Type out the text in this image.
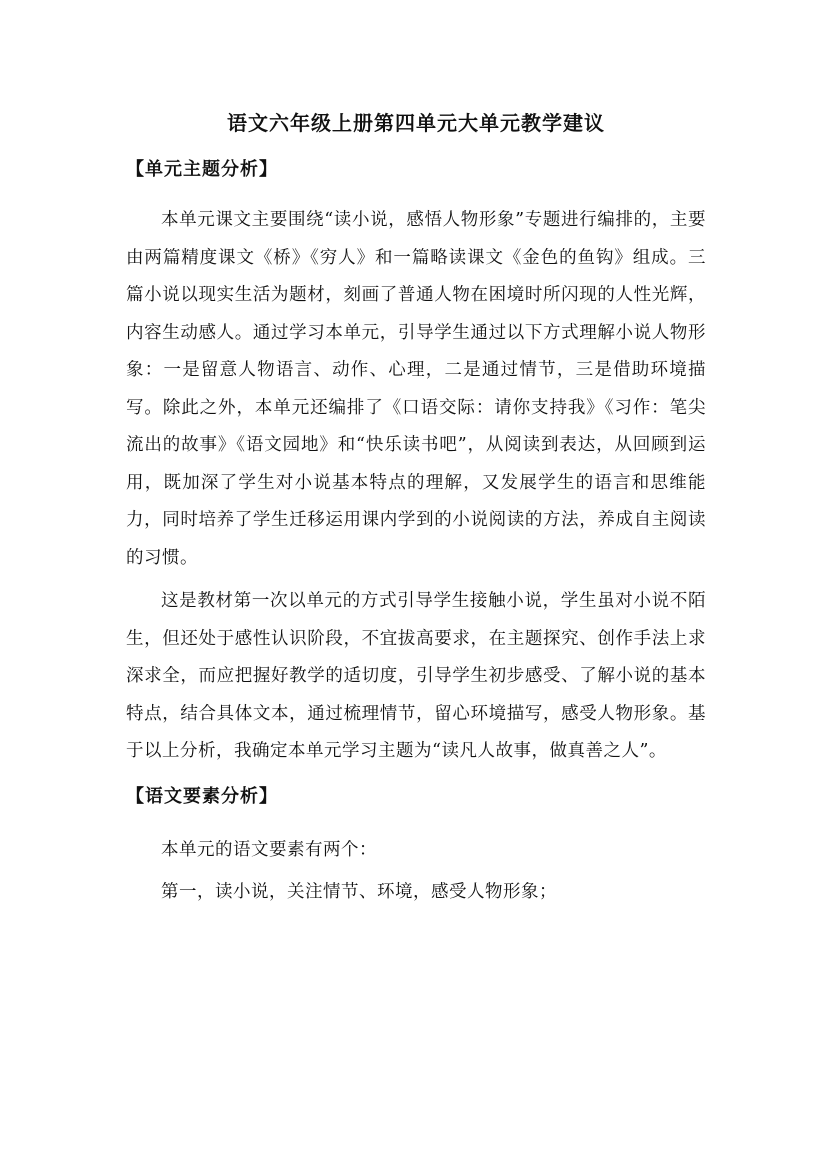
语文六年级上册第四单元大单元教学建议
【单元主题分析】

本单元课文主要围绕“读小说，感悟人物形象”专题进行编排的，主要由两篇精度课文《桥》《穷人》和一篇略读课文《金色的鱼钩》组成。三篇小说以现实生活为题材，刻画了普通人物在困境时所闪现的人性光辉，内容生动感人。通过学习本单元，引导学生通过以下方式理解小说人物形象：一是留意人物语言、动作、心理，二是通过情节，三是借助环境描写。除此之外，本单元还编排了《口语交际：请你支持我》《习作：笔尖流出的故事》《语文园地》和“快乐读书吧”，从阅读到表达，从回顾到运用，既加深了学生对小说基本特点的理解，又发展学生的语言和思维能力，同时培养了学生迁移运用课内学到的小说阅读的方法，养成自主阅读的习惯。

这是教材第一次以单元的方式引导学生接触小说，学生虽对小说不陌生，但还处于感性认识阶段，不宜拔高要求，在主题探究、创作手法上求深求全，而应把握好教学的适切度，引导学生初步感受、了解小说的基本特点，结合具体文本，通过梳理情节，留心环境描写，感受人物形象。基于以上分析，我确定本单元学习主题为“读凡人故事，做真善之人”。

【语文要素分析】

本单元的语文要素有两个：

第一，读小说，关注情节、环境，感受人物形象；
